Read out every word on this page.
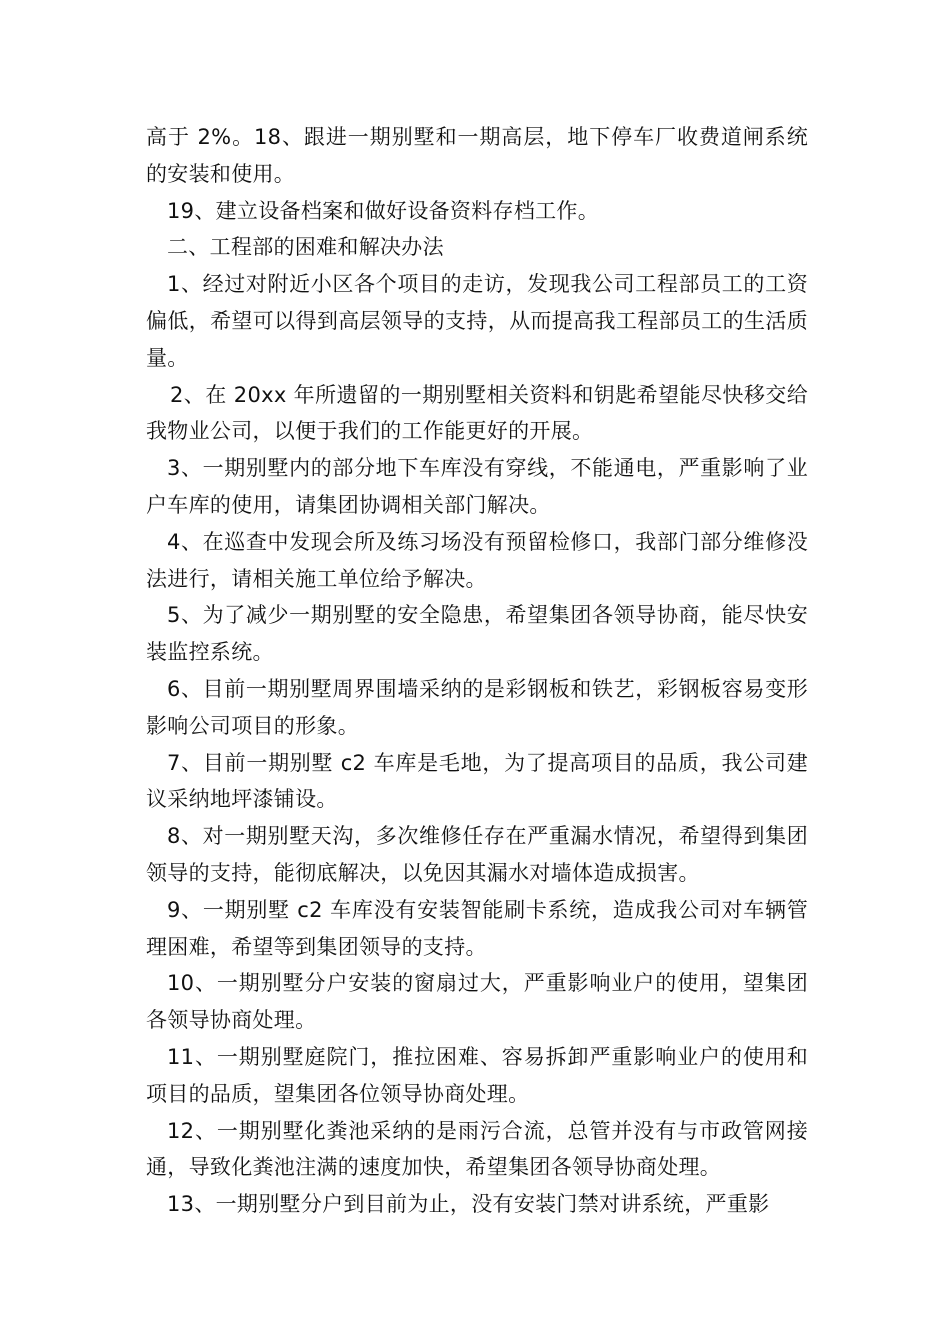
高于 2%。18、跟进一期别墅和一期高层，地下停车厂收费道闸系统的安装和使用。

19、建立设备档案和做好设备资料存档工作。

二、工程部的困难和解决办法

1、经过对附近小区各个项目的走访，发现我公司工程部员工的工资偏低，希望可以得到高层领导的支持，从而提高我工程部员工的生活质量。

2、在 20xx 年所遗留的一期别墅相关资料和钥匙希望能尽快移交给我物业公司，以便于我们的工作能更好的开展。

3、一期别墅内的部分地下车库没有穿线，不能通电，严重影响了业户车库的使用，请集团协调相关部门解决。

4、在巡查中发现会所及练习场没有预留检修口，我部门部分维修没法进行，请相关施工单位给予解决。

5、为了减少一期别墅的安全隐患，希望集团各领导协商，能尽快安装监控系统。

6、目前一期别墅周界围墙采纳的是彩钢板和铁艺，彩钢板容易变形影响公司项目的形象。

7、目前一期别墅 c2 车库是毛地，为了提高项目的品质，我公司建议采纳地坪漆铺设。

8、对一期别墅天沟，多次维修任存在严重漏水情况，希望得到集团领导的支持，能彻底解决，以免因其漏水对墙体造成损害。

9、一期别墅 c2 车库没有安装智能刷卡系统，造成我公司对车辆管理困难，希望等到集团领导的支持。

10、一期别墅分户安装的窗扇过大，严重影响业户的使用，望集团各领导协商处理。

11、一期别墅庭院门，推拉困难、容易拆卸严重影响业户的使用和项目的品质，望集团各位领导协商处理。

12、一期别墅化粪池采纳的是雨污合流，总管并没有与市政管网接通，导致化粪池注满的速度加快，希望集团各领导协商处理。

13、一期别墅分户到目前为止，没有安装门禁对讲系统，严重影
